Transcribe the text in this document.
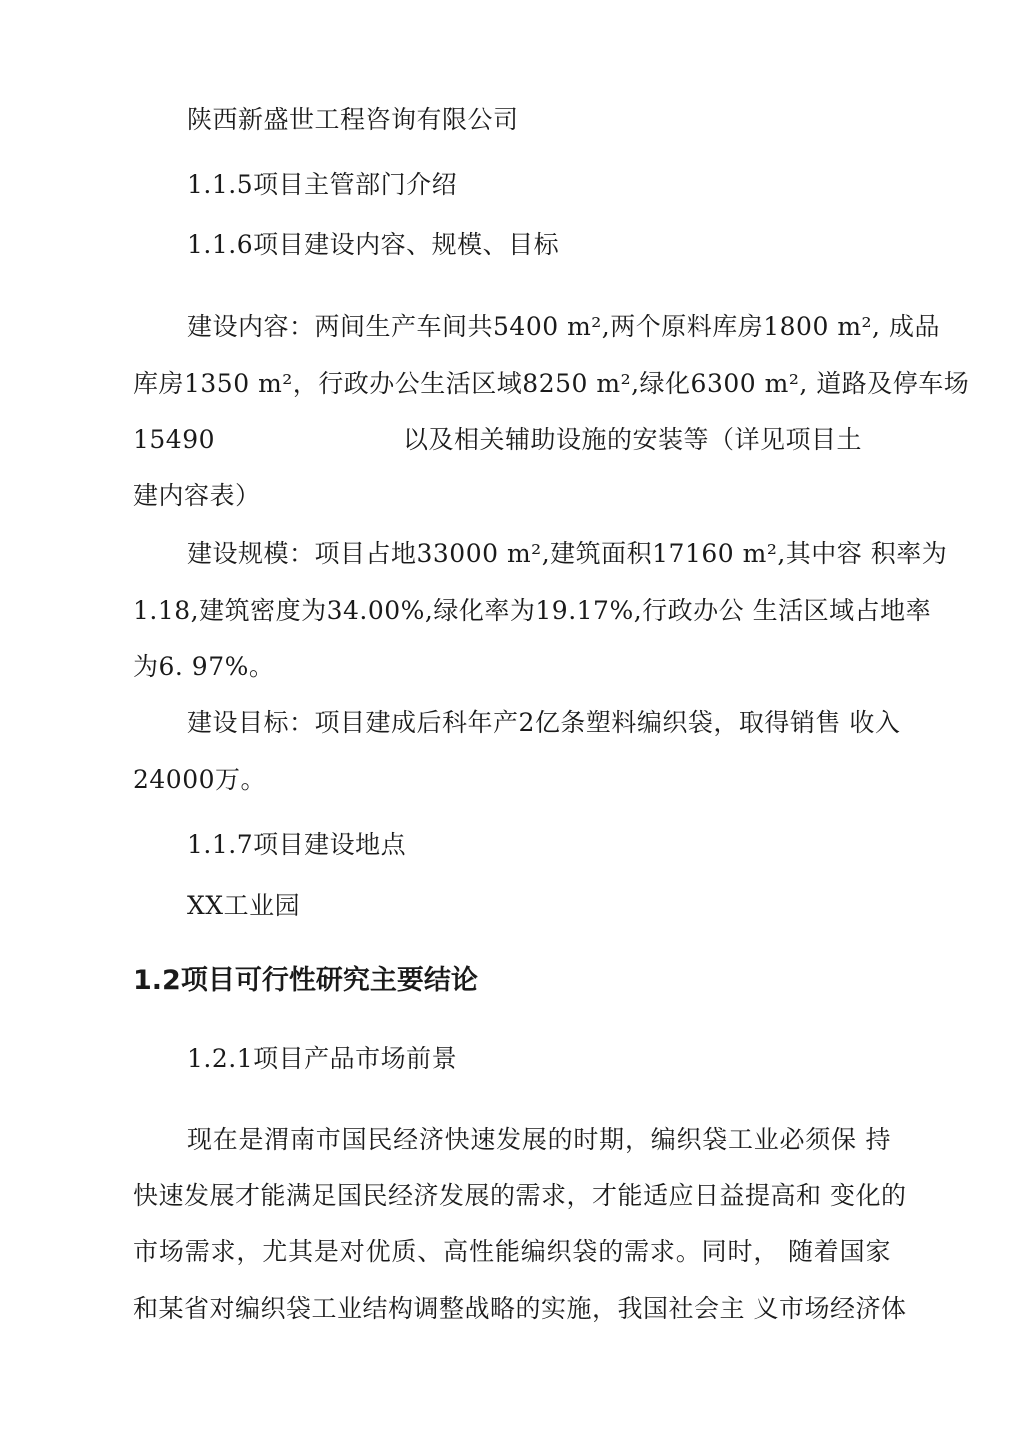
陕西新盛世工程咨询有限公司
1.1.5项目主管部门介绍
1.1.6项目建设内容、规模、目标
建设内容：两间生产车间共5400 m²,两个原料库房1800 m², 成品
库房1350 m²，行政办公生活区域8250 m²,绿化6300 m², 道路及停车场
15490	以及相关辅助设施的安装等（详见项目土
建内容表）
建设规模：项目占地33000 m²,建筑面积17160 m²,其中容 积率为
1.18,建筑密度为34.00%,绿化率为19.17%,行政办公 生活区域占地率
为6. 97%。
建设目标：项目建成后科年产2亿条塑料编织袋，取得销售 收入
24000万。
1.1.7项目建设地点
XX工业园
1.2项目可行性研究主要结论
1.2.1项目产品市场前景
现在是渭南市国民经济快速发展的时期，编织袋工业必须保 持
快速发展才能满足国民经济发展的需求，才能适应日益提高和 变化的
市场需求，尤其是对优质、高性能编织袋的需求。同时， 随着国家
和某省对编织袋工业结构调整战略的实施，我国社会主 义市场经济体
